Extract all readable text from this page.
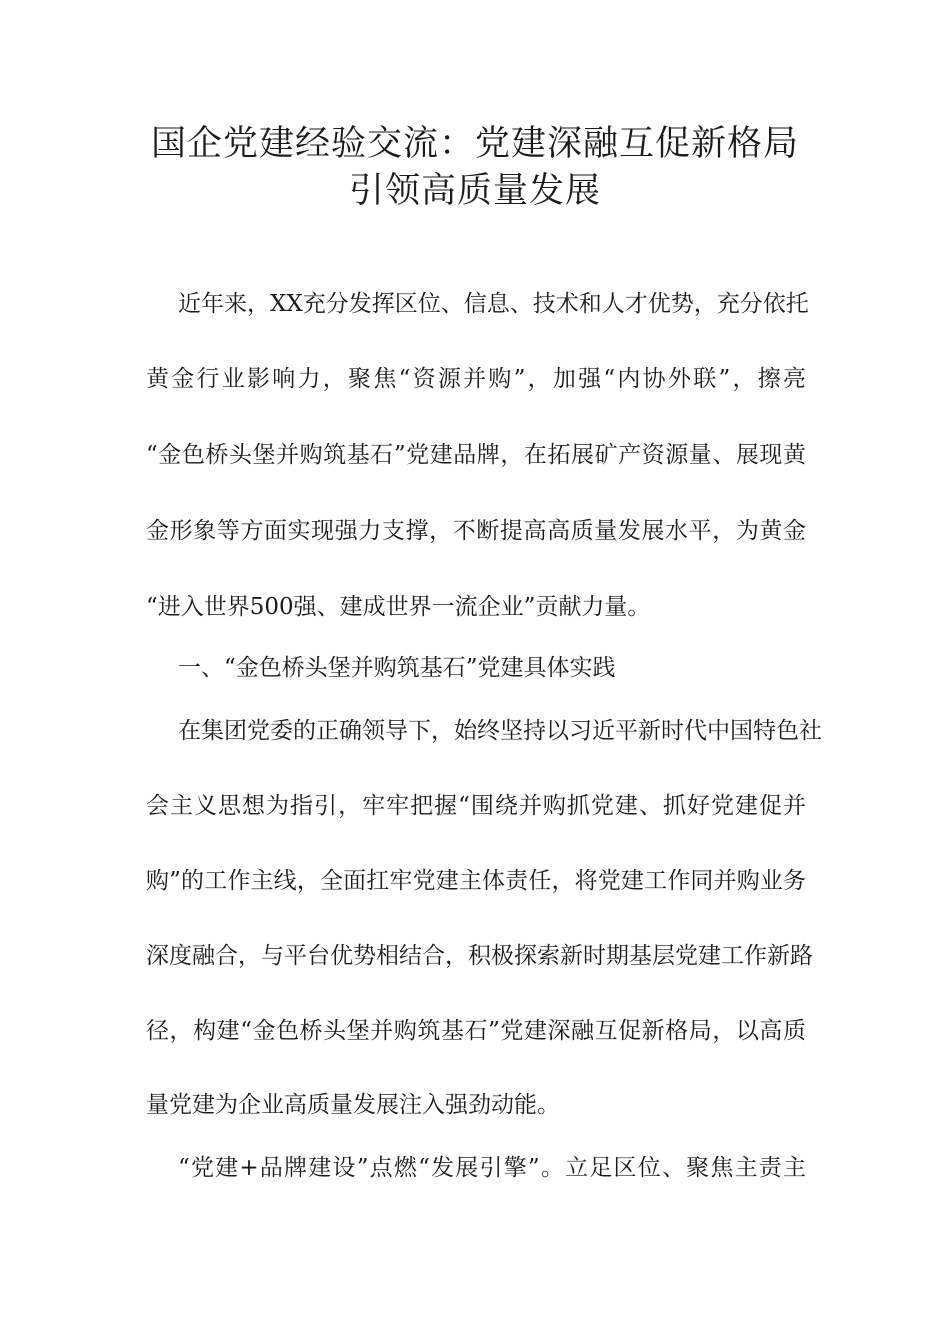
国企党建经验交流：党建深融互促新格局
引领高质量发展
近年来，XX充分发挥区位、信息、技术和人才优势，充分依托
黄金行业影响力，聚焦“资源并购”，加强“内协外联”，擦亮
“金色桥头堡并购筑基石”党建品牌，在拓展矿产资源量、展现黄
金形象等方面实现强力支撑，不断提高高质量发展水平，为黄金
“进入世界500强、建成世界一流企业”贡献力量。
一、“金色桥头堡并购筑基石”党建具体实践
在集团党委的正确领导下，始终坚持以习近平新时代中国特色社
会主义思想为指引，牢牢把握“围绕并购抓党建、抓好党建促并
购”的工作主线，全面扛牢党建主体责任，将党建工作同并购业务
深度融合，与平台优势相结合，积极探索新时期基层党建工作新路
径，构建“金色桥头堡并购筑基石”党建深融互促新格局，以高质
量党建为企业高质量发展注入强劲动能。
“党建+品牌建设”点燃“发展引擎”。立足区位、聚焦主责主
